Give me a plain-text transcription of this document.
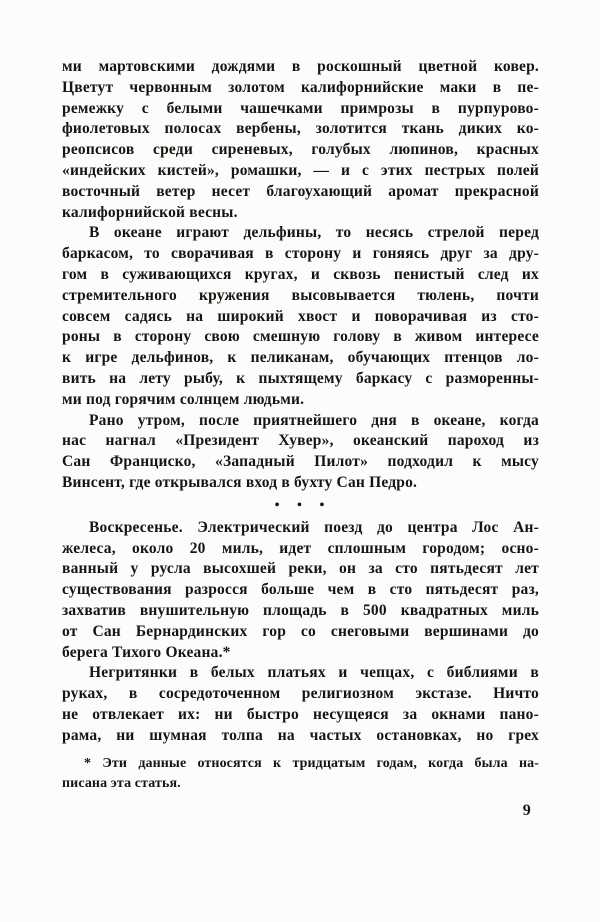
ми мартовскими дождями в роскошный цветной ковер.
Цветут червонным золотом калифорнийские маки в пе-
ремежку с белыми чашечками примрозы в пурпурово-
фиолетовых полосах вербены, золотится ткань диких ко-
реопсисов среди сиреневых, голубых люпинов, красных
«индейских кистей», ромашки, — и с этих пестрых полей
восточный ветер несет благоухающий аромат прекрасной
калифорнийской весны.
В океане играют дельфины, то несясь стрелой перед
баркасом, то сворачивая в сторону и гоняясь друг за дру-
гом в суживающихся кругах, и сквозь пенистый след их
стремительного кружения высовывается тюлень, почти
совсем садясь на широкий хвост и поворачивая из сто-
роны в сторону свою смешную голову в живом интересе
к игре дельфинов, к пеликанам, обучающих птенцов ло-
вить на лету рыбу, к пыхтящему баркасу с разморенны-
ми под горячим солнцем людьми.
Рано утром, после приятнейшего дня в океане, когда
нас нагнал «Президент Хувер», океанский пароход из
Сан Франциско, «Западный Пилот» подходил к мысу
Винсент, где открывался вход в бухту Сан Педро.
• • •
Воскресенье. Электрический поезд до центра Лос Ан-
желеса, около 20 миль, идет сплошным городом; осно-
ванный у русла высохшей реки, он за сто пятьдесят лет
существования разросся больше чем в сто пятьдесят раз,
захватив внушительную площадь в 500 квадратных миль
от Сан Бернардинских гор со снеговыми вершинами до
берега Тихого Океана.*
Негритянки в белых платьях и чепцах, с библиями в
руках, в сосредоточенном религиозном экстазе. Ничто
не отвлекает их: ни быстро несущеяся за окнами пано-
рама, ни шумная толпа на частых остановках, но грех
* Эти данные относятся к тридцатым годам, когда была на-
писана эта статья.
9
